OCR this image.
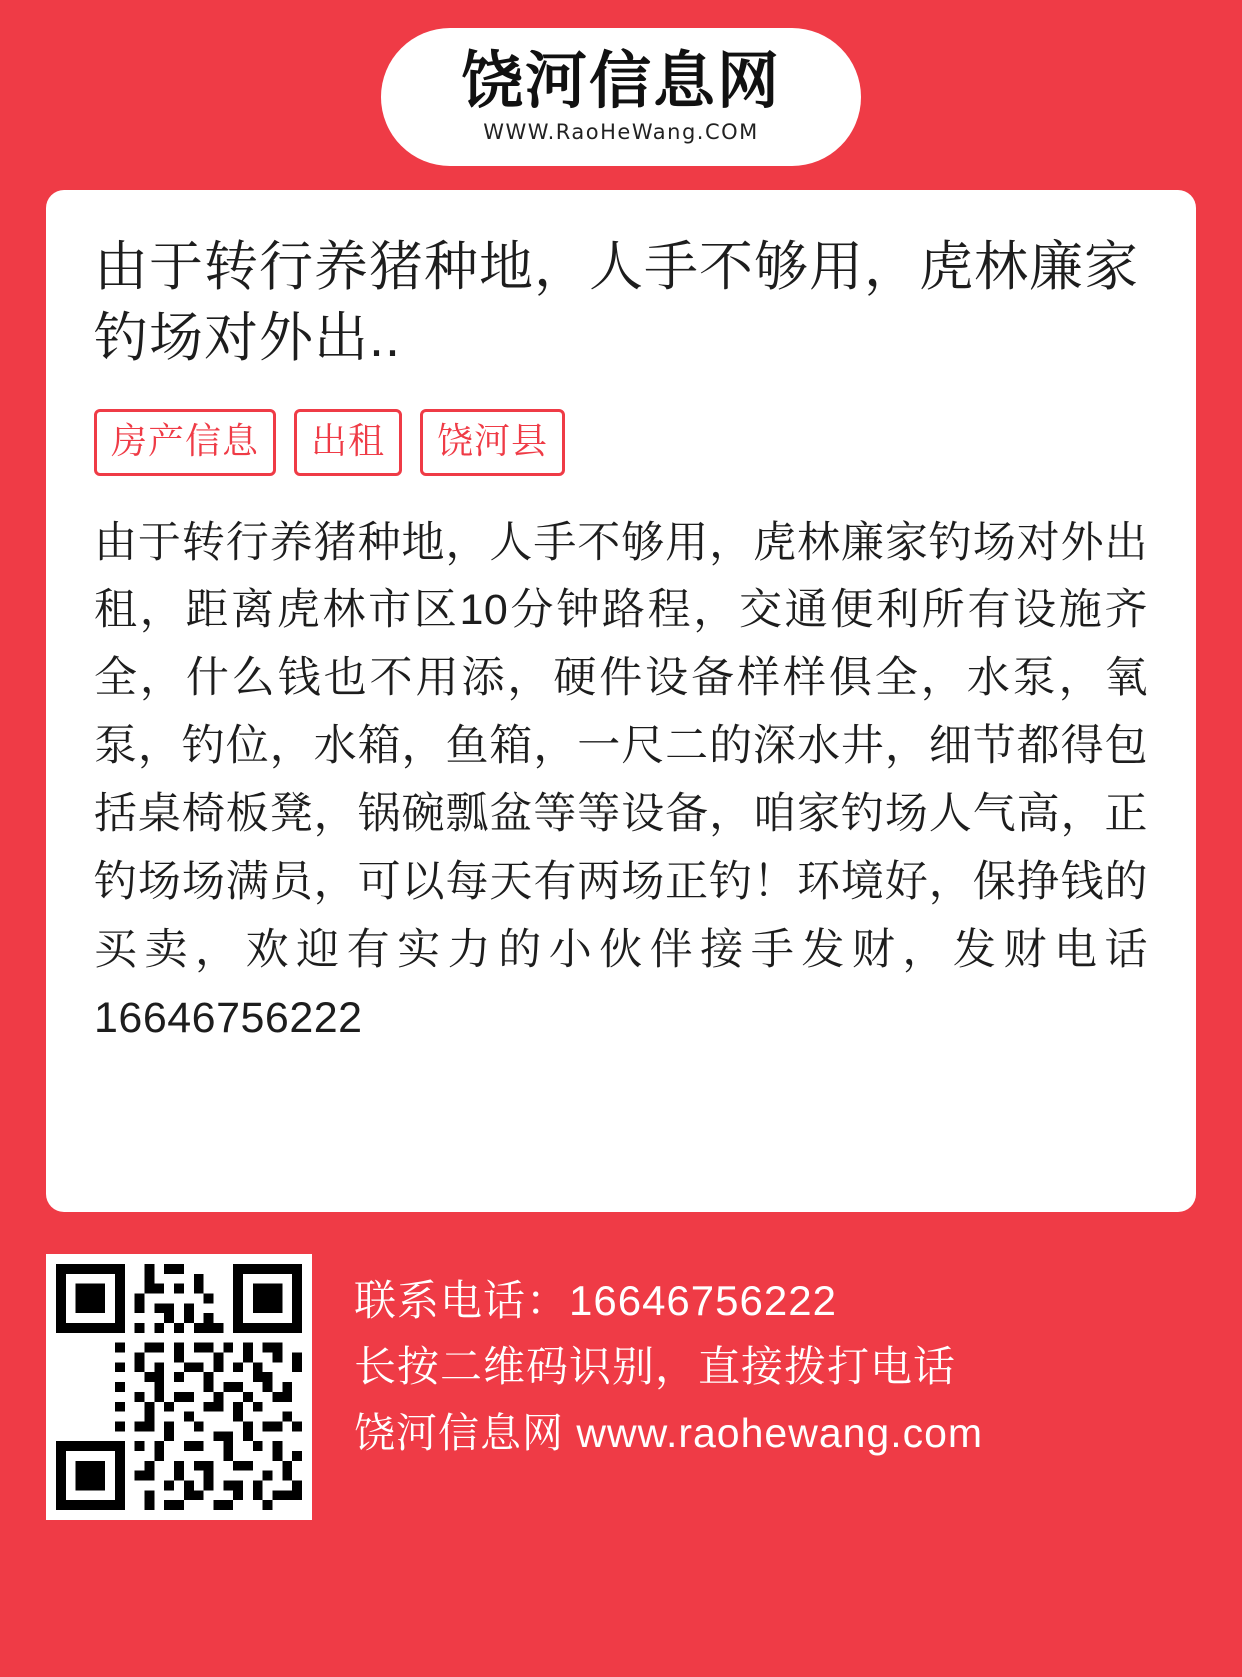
饶河信息网
WWW.RaoHeWang.COM
由于转行养猪种地，人手不够用，虎林廉家钓场对外出..
房产信息	出租	饶河县
由于转行养猪种地，人手不够用，虎林廉家钓场对外出租，距离虎林市区10分钟路程，交通便利所有设施齐全，什么钱也不用添，硬件设备样样俱全，水泵，氧泵，钓位，水箱，鱼箱，一尺二的深水井，细节都得包括桌椅板凳，锅碗瓢盆等等设备，咱家钓场人气高，正钓场场满员，可以每天有两场正钓！环境好，保挣钱的买卖，欢迎有实力的小伙伴接手发财，发财电话16646756222
联系电话：16646756222
长按二维码识别，直接拨打电话
饶河信息网 www.raohewang.com
